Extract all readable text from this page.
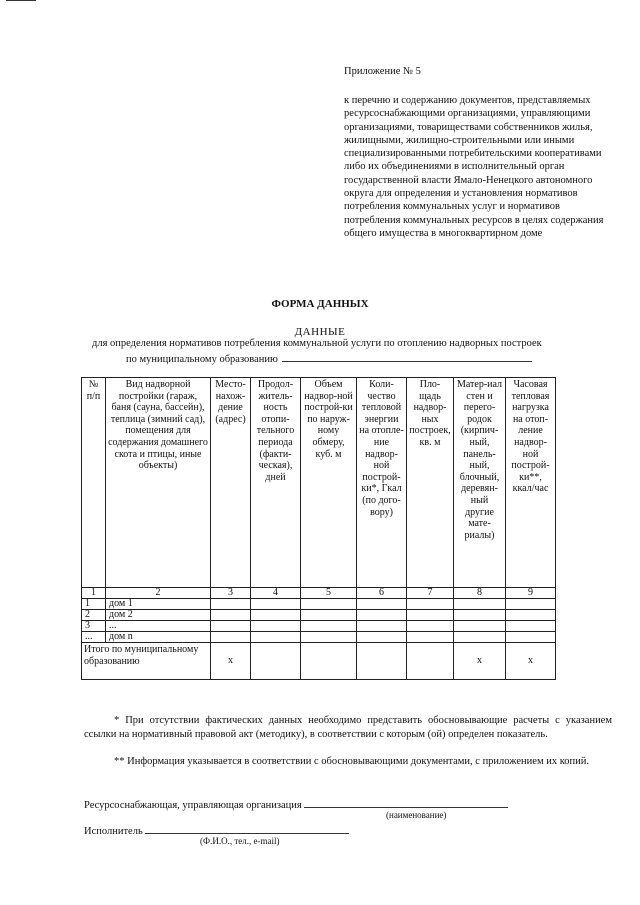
Приложение № 5
к перечню и содержанию документов, представляемых ресурсоснабжающими организациями, управляющими организациями, товариществами собственников жилья, жилищными, жилищно-строительными или иными специализированными потребительскими кооперативами либо их объединениями в исполнительный орган государственной власти Ямало-Ненецкого автономного округа для определения и установления нормативов потребления коммунальных услуг и нормативов потребления коммунальных ресурсов в целях содержания общего имущества в многоквартирном доме
ФОРМА ДАННЫХ
ДАННЫЕ
для определения нормативов потребления коммунальной услуги по отоплению надворных построек
по муниципальному образованию
№ п/п	Вид надворной постройки (гараж, баня (сауна, бассейн), теплица (зимний сад), помещения для содержания домашнего скота и птицы, иные объекты)	Место-нахож-дение (адрес)	Продол-житель-ность отопи-тельного периода (факти-ческая), дней	Объем надвор-ной построй-ки по наруж-ному обмеру, куб. м	Коли-чество тепловой энергии на отопле-ние надвор-ной построй-ки*, Гкал (по дого-вору)	Пло-щадь надвор-ных построек, кв. м	Матер-иал стен и перего-родок (кирпич-ный, панель-ный, блочный, деревян-ный другие мате-риалы)	Часовая тепловая нагрузка на отоп-ление надвор-ной построй-ки**, ккал/час
1	2	3	4	5	6	7	8	9
1	дом 1							
2	дом 2							
3	...							
...	дом n							
Итого по муниципальному образованию		х					х	х
* При отсутствии фактических данных необходимо представить обосновывающие расчеты с указанием ссылки на нормативный правовой акт (методику), в соответствии с которым (ой) определен показатель.
** Информация указывается в соответствии с обосновывающими документами, с приложением их копий.
Ресурсоснабжающая, управляющая организация
(наименование)
Исполнитель
(Ф.И.О., тел., e-mail)
